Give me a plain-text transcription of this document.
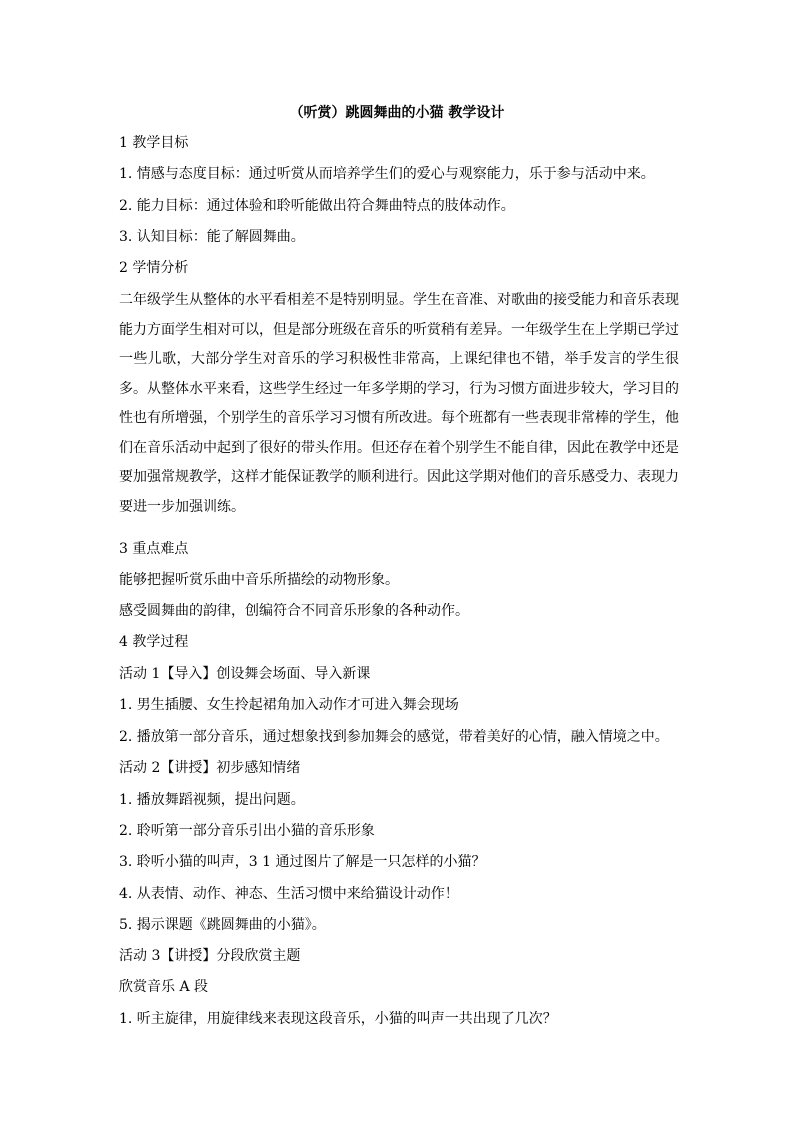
（听赏）跳圆舞曲的小猫 教学设计
1 教学目标
1. 情感与态度目标：通过听赏从而培养学生们的爱心与观察能力，乐于参与活动中来。
2. 能力目标：通过体验和聆听能做出符合舞曲特点的肢体动作。
3. 认知目标：能了解圆舞曲。
2 学情分析
二年级学生从整体的水平看相差不是特别明显。学生在音准、对歌曲的接受能力和音乐表现能力方面学生相对可以，但是部分班级在音乐的听赏稍有差异。一年级学生在上学期已学过一些儿歌，大部分学生对音乐的学习积极性非常高，上课纪律也不错，举手发言的学生很多。从整体水平来看，这些学生经过一年多学期的学习，行为习惯方面进步较大，学习目的性也有所增强，个别学生的音乐学习习惯有所改进。每个班都有一些表现非常棒的学生，他们在音乐活动中起到了很好的带头作用。但还存在着个别学生不能自律，因此在教学中还是要加强常规教学，这样才能保证教学的顺利进行。因此这学期对他们的音乐感受力、表现力要进一步加强训练。
3 重点难点
能够把握听赏乐曲中音乐所描绘的动物形象。
感受圆舞曲的韵律，创编符合不同音乐形象的各种动作。
4 教学过程
活动 1【导入】创设舞会场面、导入新课
1. 男生插腰、女生拎起裙角加入动作才可进入舞会现场
2. 播放第一部分音乐，通过想象找到参加舞会的感觉，带着美好的心情，融入情境之中。
活动 2【讲授】初步感知情绪
1. 播放舞蹈视频，提出问题。
2. 聆听第一部分音乐引出小猫的音乐形象
3. 聆听小猫的叫声，3 1 通过图片了解是一只怎样的小猫？
4. 从表情、动作、神态、生活习惯中来给猫设计动作！
5. 揭示课题《跳圆舞曲的小猫》。
活动 3【讲授】分段欣赏主题
欣赏音乐 A 段
1. 听主旋律，用旋律线来表现这段音乐，小猫的叫声一共出现了几次？
